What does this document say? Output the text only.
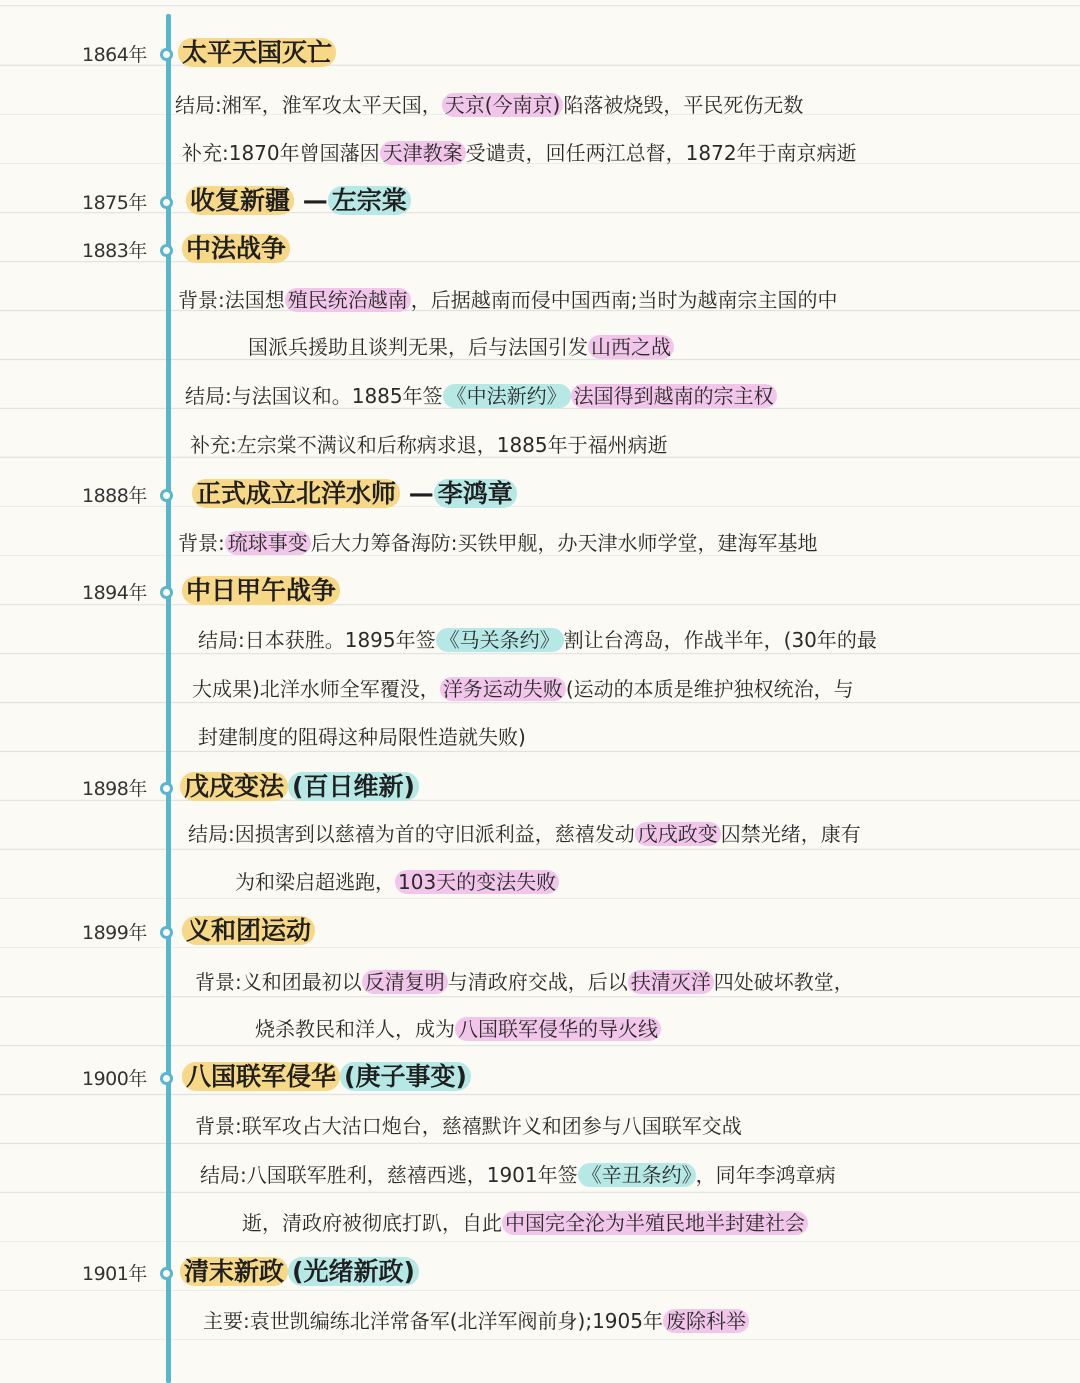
1864年	太平天国灭亡
结局:湘军，淮军攻太平天国， 天京(今南京) 陷落被烧毁，平民死伤无数
补充:1870年曾国藩因 天津教案 受谴责，回任两江总督，1872年于南京病逝
1875年	收复新疆 — 左宗棠
1883年	中法战争
背景:法国想 殖民统治越南 ，后据越南而侵中国西南;当时为越南宗主国的中
国派兵援助且谈判无果，后与法国引发 山西之战
结局:与法国议和。1885年签 《中法新约》 法国得到越南的宗主权
补充:左宗棠不满议和后称病求退，1885年于福州病逝
1888年	正式成立北洋水师 — 李鸿章
背景: 琉球事变 后大力筹备海防:买铁甲舰，办天津水师学堂，建海军基地
1894年	中日甲午战争
结局:日本获胜。1895年签 《马关条约》 割让台湾岛，作战半年，(30年的最
大成果)北洋水师全军覆没， 洋务运动失败 (运动的本质是维护独权统治，与
封建制度的阻碍这种局限性造就失败)
1898年	戊戌变法 (百日维新)
结局:因损害到以慈禧为首的守旧派利益，慈禧发动 戊戌政变 囚禁光绪，康有
为和梁启超逃跑， 103天的变法失败
1899年	义和团运动
背景:义和团最初以 反清复明 与清政府交战，后以 扶清灭洋 四处破坏教堂，
烧杀教民和洋人，成为 八国联军侵华的导火线
1900年	八国联军侵华 (庚子事变)
背景:联军攻占大沽口炮台，慈禧默许义和团参与八国联军交战
结局:八国联军胜利，慈禧西逃，1901年签 《辛丑条约》 ，同年李鸿章病
逝，清政府被彻底打趴，自此 中国完全沦为半殖民地半封建社会
1901年	清末新政 (光绪新政)
主要:袁世凯编练北洋常备军(北洋军阀前身);1905年 废除科举
